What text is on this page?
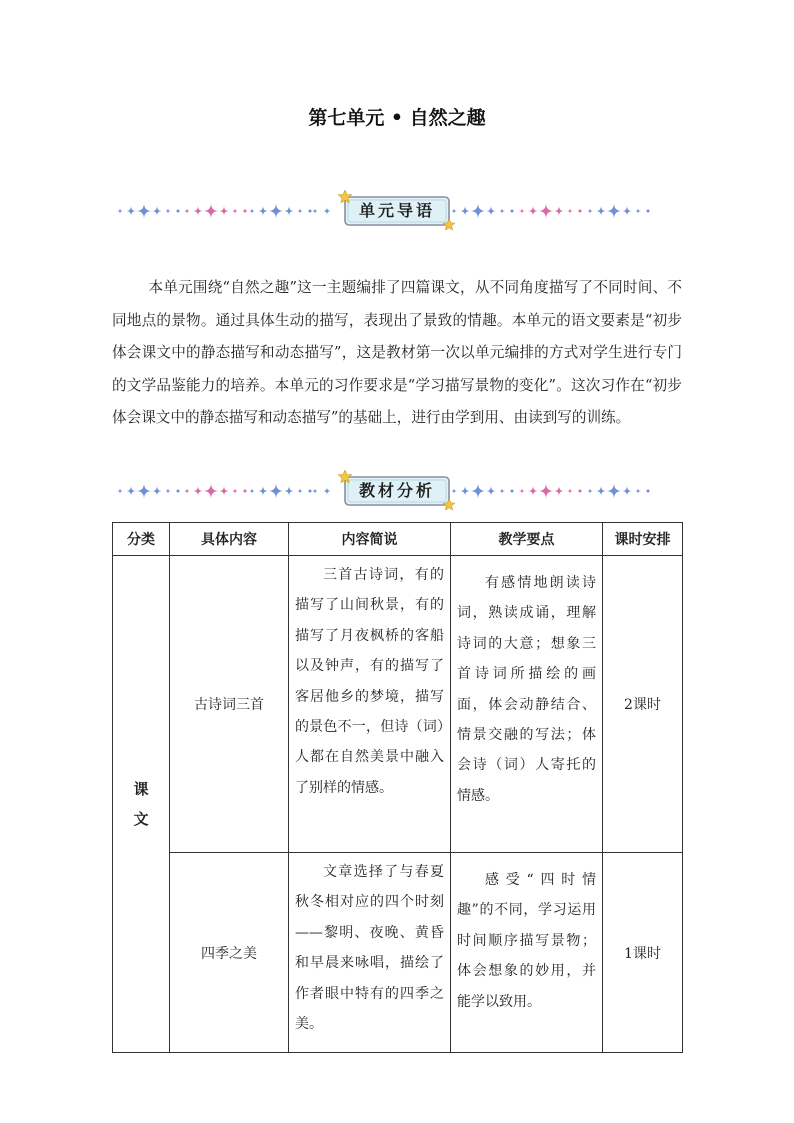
第七单元 • 自然之趣
单元导语

本单元围绕“自然之趣”这一主题编排了四篇课文，从不同角度描写了不同时间、不同地点的景物。通过具体生动的描写，表现出了景致的情趣。本单元的语文要素是“初步体会课文中的静态描写和动态描写”，这是教材第一次以单元编排的方式对学生进行专门的文学品鉴能力的培养。本单元的习作要求是“学习描写景物的变化”。这次习作在“初步体会课文中的静态描写和动态描写”的基础上，进行由学到用、由读到写的训练。

教材分析
分类	具体内容	内容简说	教学要点	课时安排
课
文	古诗词三首	三首古诗词，有的描写了山间秋景，有的描写了月夜枫桥的客船以及钟声，有的描写了客居他乡的梦境，描写的景色不一，但诗（词）人都在自然美景中融入了别样的情感。	有感情地朗读诗词，熟读成诵，理解诗词的大意；想象三首诗词所描绘的画面，体会动静结合、情景交融的写法；体会诗（词）人寄托的情感。	2课时
	四季之美	文章选择了与春夏秋冬相对应的四个时刻——黎明、夜晚、黄昏和早晨来咏唱，描绘了作者眼中特有的四季之美。	感受“四时情趣”的不同，学习运用时间顺序描写景物；体会想象的妙用，并能学以致用。	1课时
